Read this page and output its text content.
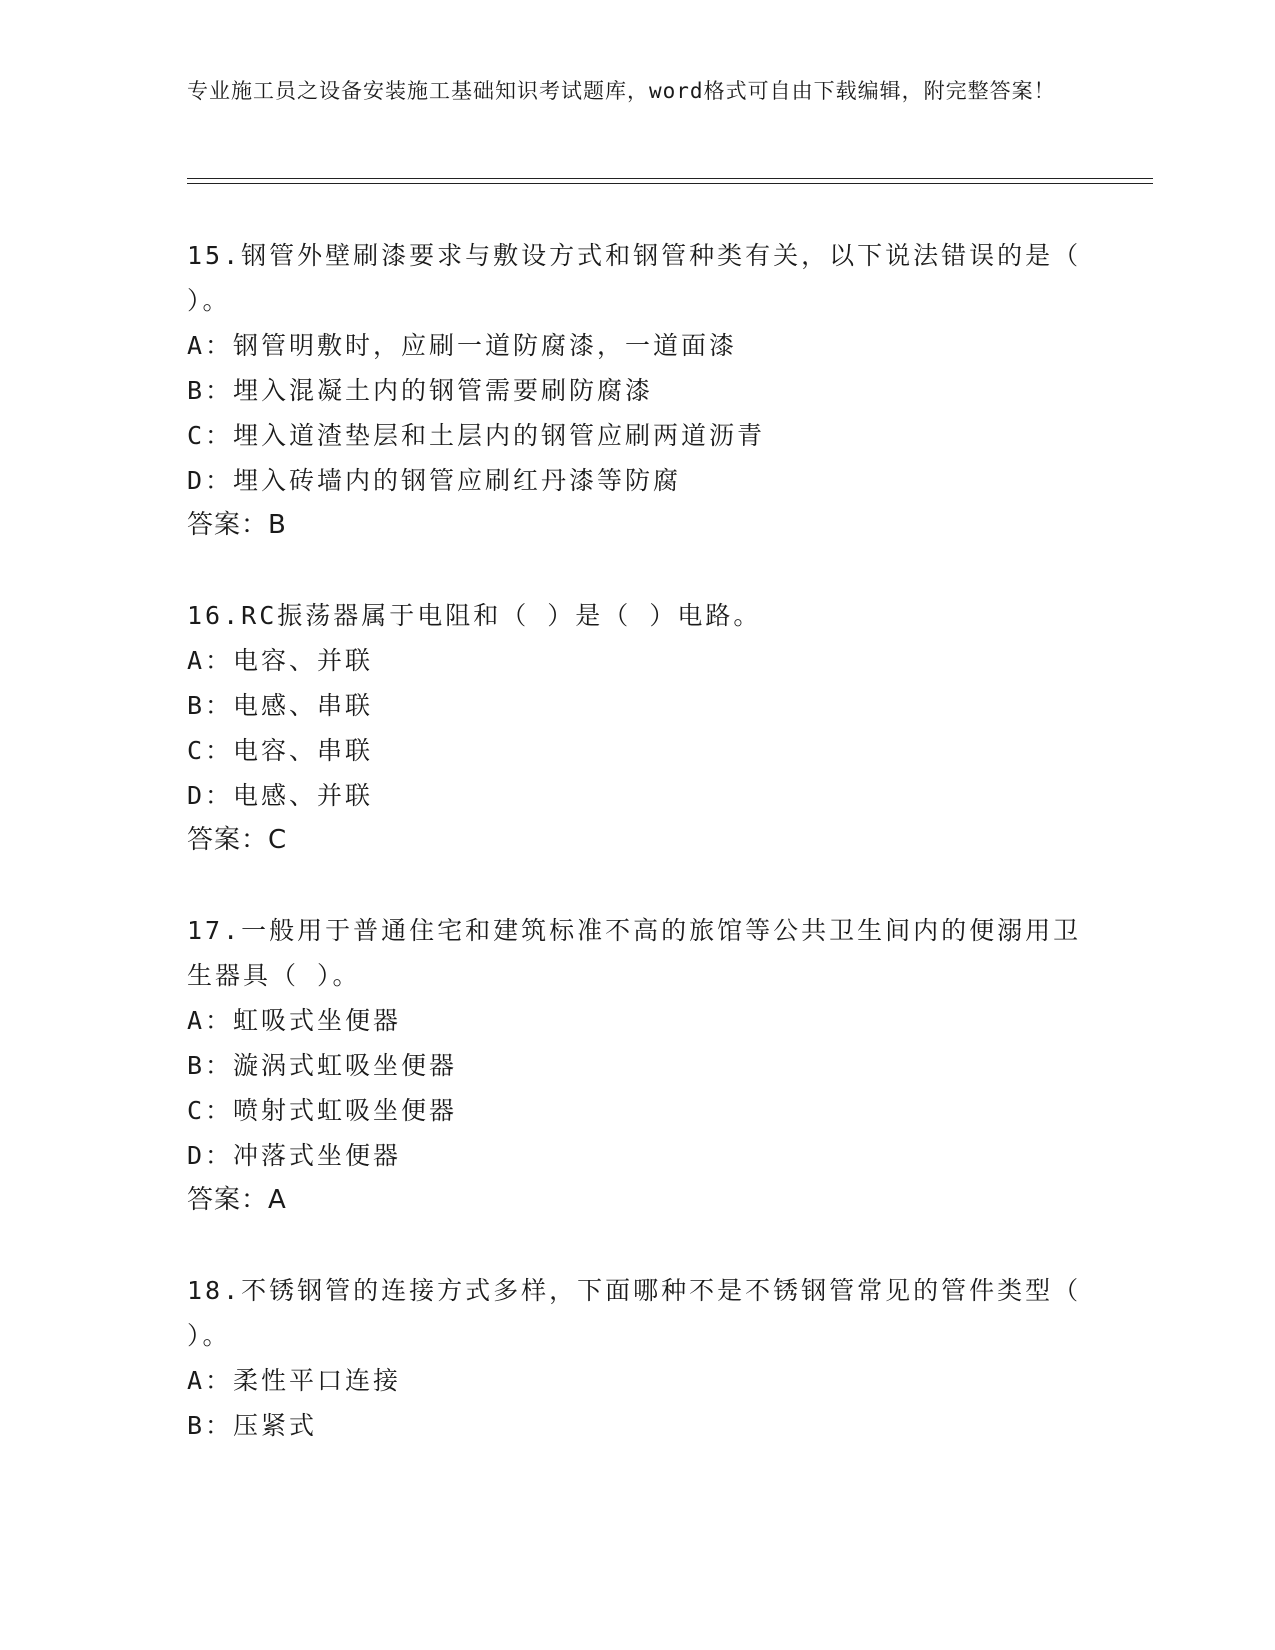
专业施工员之设备安装施工基础知识考试题库，word格式可自由下载编辑，附完整答案！
15.钢管外壁刷漆要求与敷设方式和钢管种类有关，以下说法错误的是（ ）。
A：钢管明敷时，应刷一道防腐漆，一道面漆
B：埋入混凝土内的钢管需要刷防腐漆
C：埋入道渣垫层和土层内的钢管应刷两道沥青
D：埋入砖墙内的钢管应刷红丹漆等防腐
答案：B
16.RC振荡器属于电阻和（ ）是（ ）电路。
A：电容、并联
B：电感、串联
C：电容、串联
D：电感、并联
答案：C
17.一般用于普通住宅和建筑标准不高的旅馆等公共卫生间内的便溺用卫生器具（ ）。
A：虹吸式坐便器
B：漩涡式虹吸坐便器
C：喷射式虹吸坐便器
D：冲落式坐便器
答案：A
18.不锈钢管的连接方式多样，下面哪种不是不锈钢管常见的管件类型（ ）。
A：柔性平口连接
B：压紧式
